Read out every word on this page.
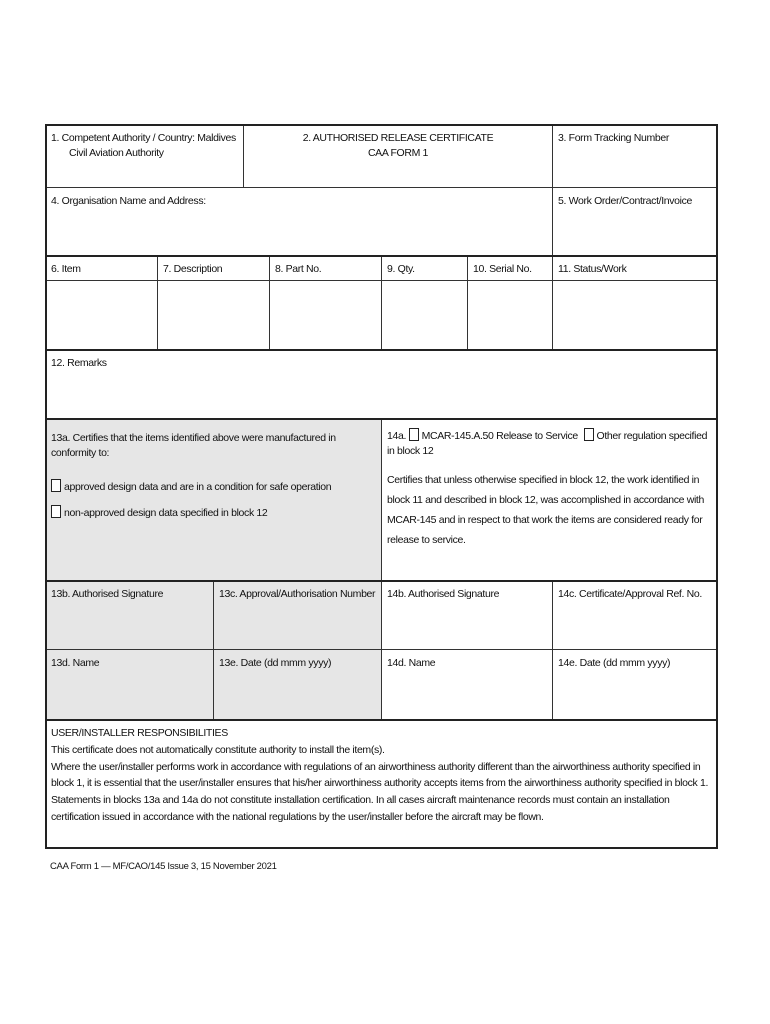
1. Competent Authority / Country: Maldives

Civil Aviation Authority

2. AUTHORISED RELEASE CERTIFICATE

CAA FORM 1

3. Form Tracking Number
4. Organisation Name and Address:	5. Work Order/Contract/Invoice
6. Item	7. Description	8. Part No.	9. Qty.	10. Serial No.	11. Status/Work
12. Remarks

13a. Certifies that the items identified above were manufactured in conformity to:

approved design data and are in a condition for safe operation

non-approved design data specified in block 12

14a. MCAR-145.A.50 Release to Service Other regulation specified in block 12

Certifies that unless otherwise specified in block 12, the work identified in block 11 and described in block 12, was accomplished in accordance with MCAR-145 and in respect to that work the items are considered ready for release to service.

13b. Authorised Signature	13c. Approval/Authorisation Number	14b. Authorised Signature	14c. Certificate/Approval Ref. No.
13d. Name	13e. Date (dd mmm yyyy)	14d. Name	14e. Date (dd mmm yyyy)

USER/INSTALLER RESPONSIBILITIES

This certificate does not automatically constitute authority to install the item(s).

Where the user/installer performs work in accordance with regulations of an airworthiness authority different than the airworthiness authority specified in block 1, it is essential that the user/installer ensures that his/her airworthiness authority accepts items from the airworthiness authority specified in block 1.

Statements in blocks 13a and 14a do not constitute installation certification. In all cases aircraft maintenance records must contain an installation certification issued in accordance with the national regulations by the user/installer before the aircraft may be flown.

CAA Form 1 — MF/CAO/145 Issue 3, 15 November 2021
